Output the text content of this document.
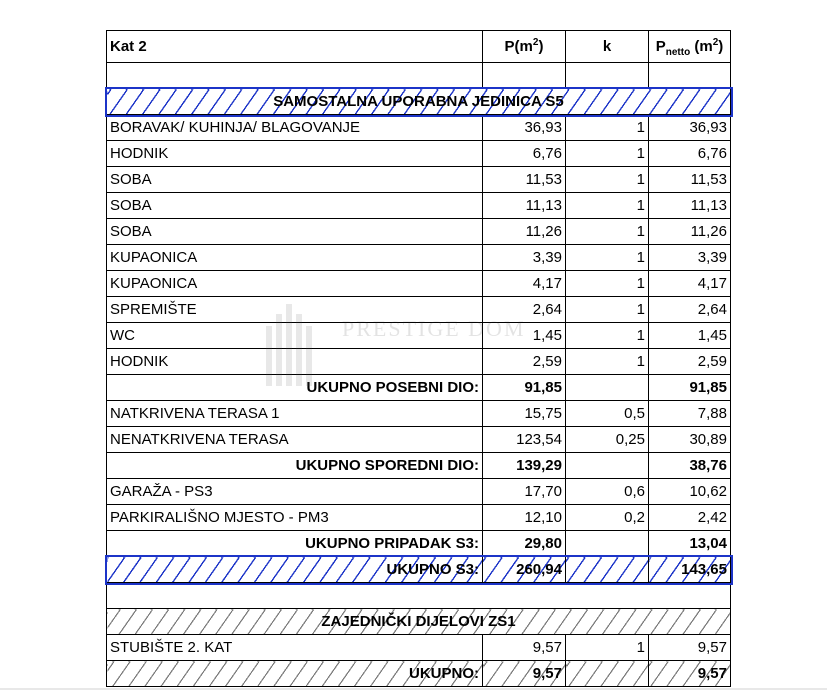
Kat 2	$P(m^2)$	k	$P_{netto}$ $(m^2)$

SAMOSTALNA UPORABNA JEDINICA S5			
BORAVAK/ KUHINJA/ BLAGOVANJE	36,93	1	36,93
HODNIK	6,76	1	6,76
SOBA	11,53	1	11,53
SOBA	11,13	1	11,13
SOBA	11,26	1	11,26
KUPAONICA	3,39	1	3,39
KUPAONICA	4,17	1	4,17
SPREMIŠTE	2,64	1	2,64
WC	1,45	1	1,45
HODNIK	2,59	1	2,59
UKUPNO POSEBNI DIO:	91,85		91,85
NATKRIVENA TERASA 1	15,75	0,5	7,88
NENATKRIVENA TERASA	123,54	0,25	30,89
UKUPNO SPOREDNI DIO:	139,29		38,76
GARAŽA - PS3	17,70	0,6	10,62
PARKIRALIŠNO MJESTO - PM3	12,10	0,2	2,42
UKUPNO PRIPADAK S3:	29,80		13,04
UKUPNO S3:	260,94		143,65

ZAJEDNIČKI DIJELOVI ZS1			
STUBIŠTE 2. KAT	9,57	1	9,57
UKUPNO:	9,57		9,57
PRESTIGE DOM
